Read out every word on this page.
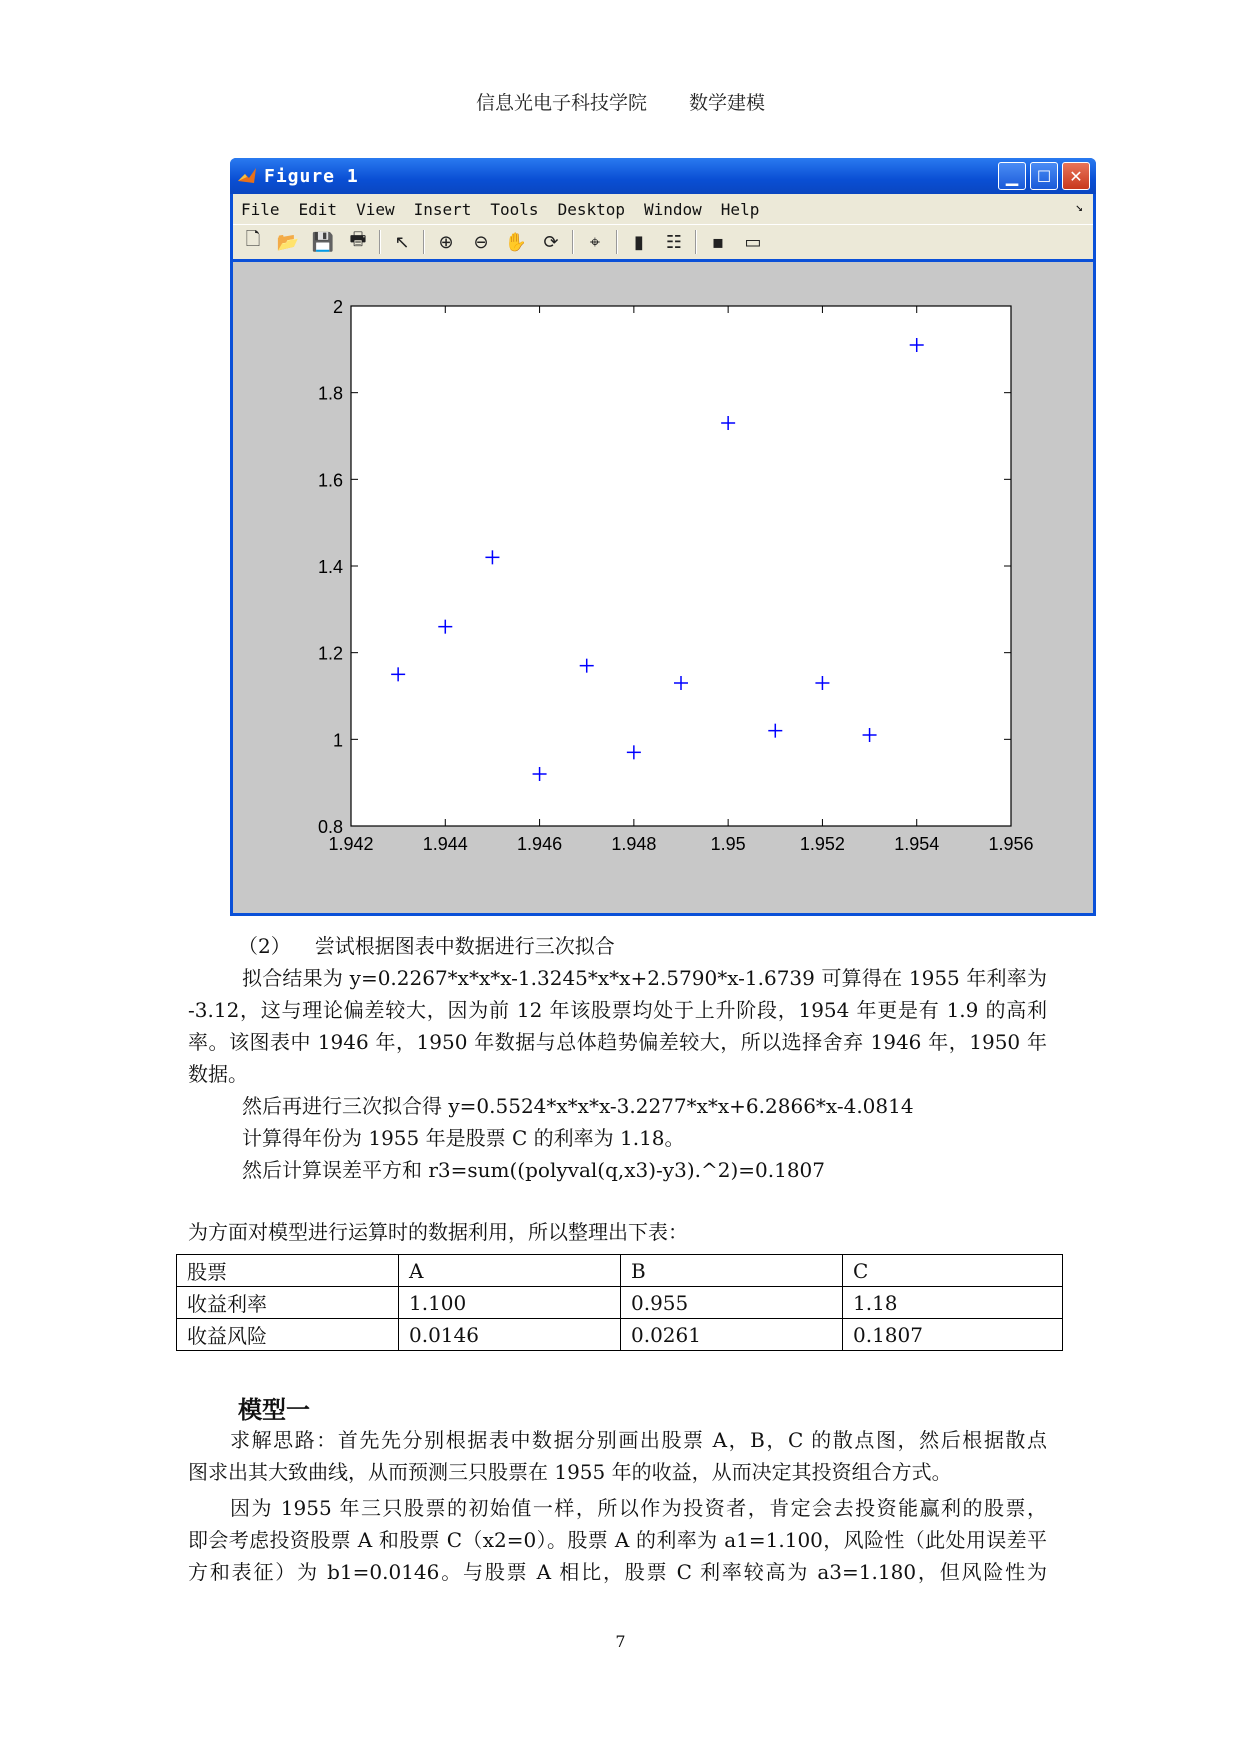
信息光电子科技学院 数学建模
Figure 1	▁	☐	✕
File Edit View Insert Tools Desktop Window Help	↘
🗋 📂 💾 🖶	↖	⊕	⊖ ✋ ⟳	⌖	▮	☷	▪	▭
1.942	1.944	1.946	1.948	1.95	1.952	1.954	1.956
0.8
1
1.2
1.4
1.6
1.8
2
（2） 尝试根据图表中数据进行三次拟合
拟合结果为 y=0.2267*x*x*x-1.3245*x*x+2.5790*x-1.6739 可算得在 1955 年利率为
-3.12，这与理论偏差较大，因为前 12 年该股票均处于上升阶段，1954 年更是有 1.9 的高利
率。该图表中 1946 年，1950 年数据与总体趋势偏差较大，所以选择舍弃 1946 年，1950 年
数据。
然后再进行三次拟合得 y=0.5524*x*x*x-3.2277*x*x+6.2866*x-4.0814
计算得年份为 1955 年是股票 C 的利率为 1.18。
然后计算误差平方和 r3=sum((polyval(q,x3)-y3).^2)=0.1807
为方面对模型进行运算时的数据利用，所以整理出下表：
股票	A	B	C
收益利率	1.100	0.955	1.18
收益风险	0.0146	0.0261	0.1807
模型一
求解思路：首先先分别根据表中数据分别画出股票 A，B，C 的散点图，然后根据散点
图求出其大致曲线，从而预测三只股票在 1955 年的收益，从而决定其投资组合方式。
因为 1955 年三只股票的初始值一样，所以作为投资者，肯定会去投资能赢利的股票，
即会考虑投资股票 A 和股票 C（x2=0）。股票 A 的利率为 a1=1.100，风险性（此处用误差平
方和表征）为 b1=0.0146。与股票 A 相比，股票 C 利率较高为 a3=1.180，但风险性为
7
